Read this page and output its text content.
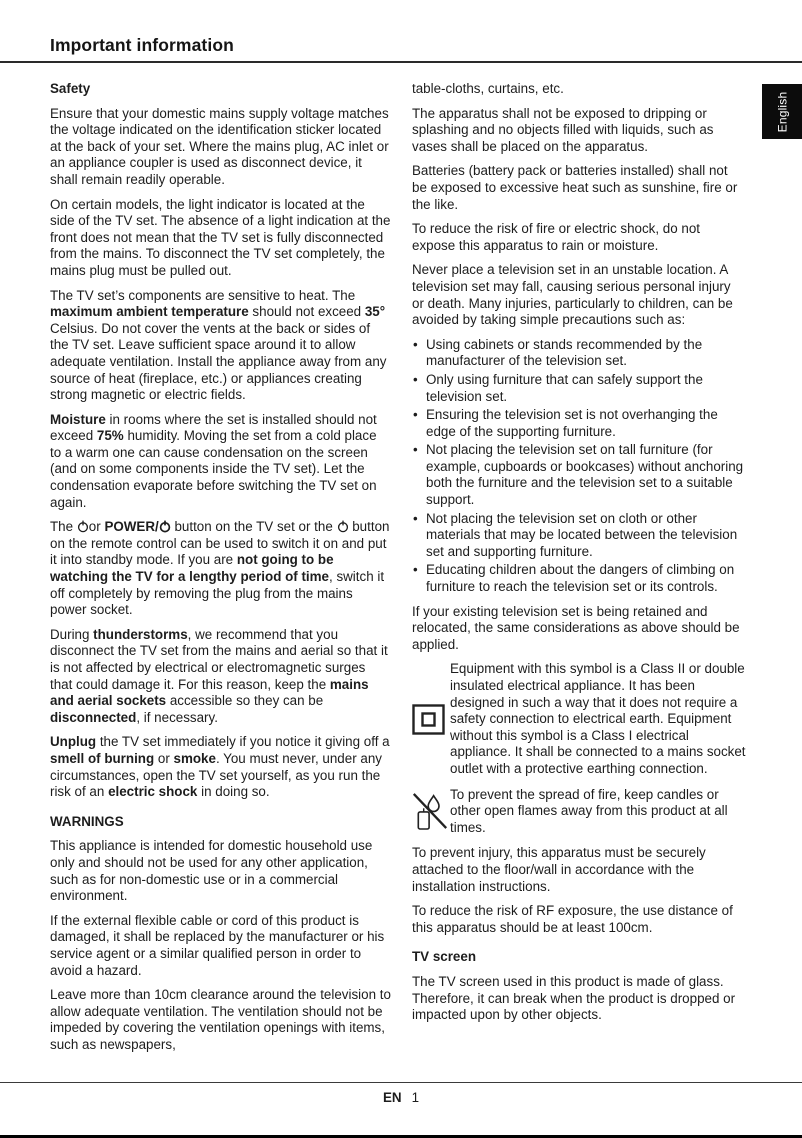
Important information
English
Safety

Ensure that your domestic mains supply voltage matches the voltage indicated on the identification sticker located at the back of your set. Where the mains plug, AC inlet or an appliance coupler is used as disconnect device, it shall remain readily operable.

On certain models, the light indicator is located at the side of the TV set. The absence of a light indication at the front does not mean that the TV set is fully disconnected from the mains. To disconnect the TV set completely, the mains plug must be pulled out.

The TV set’s components are sensitive to heat. The maximum ambient temperature should not exceed 35° Celsius. Do not cover the vents at the back or sides of the TV set. Leave sufficient space around it to allow adequate ventilation. Install the appliance away from any source of heat (fireplace, etc.) or appliances creating strong magnetic or electric fields.

Moisture in rooms where the set is installed should not exceed 75% humidity. Moving the set from a cold place to a warm one can cause condensation on the screen (and on some components inside the TV set). Let the condensation evaporate before switching the TV set on again.

The or POWER/ button on the TV set or the  button on the remote control can be used to switch it on and put it into standby mode. If you are not going to be watching the TV for a lengthy period of time, switch it off completely by removing the plug from the mains power socket.

During thunderstorms, we recommend that you disconnect the TV set from the mains and aerial so that it is not affected by electrical or electromagnetic surges that could damage it. For this reason, keep the mains and aerial sockets accessible so they can be disconnected, if necessary.

Unplug the TV set immediately if you notice it giving off a smell of burning or smoke. You must never, under any circumstances, open the TV set yourself, as you run the risk of an electric shock in doing so.

WARNINGS

This appliance is intended for domestic household use only and should not be used for any other application, such as for non-domestic use or in a commercial environment.

If the external flexible cable or cord of this product is damaged, it shall be replaced by the manufacturer or his service agent or a similar qualified person in order to avoid a hazard.

Leave more than 10cm clearance around the television to allow adequate ventilation. The ventilation should not be impeded by covering the ventilation openings with items, such as newspapers,

table-cloths, curtains, etc.

The apparatus shall not be exposed to dripping or splashing and no objects filled with liquids, such as vases shall be placed on the apparatus.

Batteries (battery pack or batteries installed) shall not be exposed to excessive heat such as sunshine, fire or the like.

To reduce the risk of fire or electric shock, do not expose this apparatus to rain or moisture.

Never place a television set in an unstable location. A television set may fall, causing serious personal injury or death. Many injuries, particularly to children, can be avoided by taking simple precautions such as:

• Using cabinets or stands recommended by the manufacturer of the television set.
• Only using furniture that can safely support the television set.
• Ensuring the television set is not overhanging the edge of the supporting furniture.
• Not placing the television set on tall furniture (for example, cupboards or bookcases) without anchoring both the furniture and the television set to a suitable support.
• Not placing the television set on cloth or other materials that may be located between the television set and supporting furniture.
• Educating children about the dangers of climbing on furniture to reach the television set or its controls.

If your existing television set is being retained and relocated, the same considerations as above should be applied.

Equipment with this symbol is a Class II or double insulated electrical appliance. It has been designed in such a way that it does not require a safety connection to electrical earth. Equipment without this symbol is a Class I electrical appliance. It shall be connected to a mains socket outlet with a protective earthing connection.
To prevent the spread of fire, keep candles or other open flames away from this product at all times.

To prevent injury, this apparatus must be securely attached to the floor/wall in accordance with the installation instructions.

To reduce the risk of RF exposure, the use distance of this apparatus should be at least 100cm.

TV screen

The TV screen used in this product is made of glass. Therefore, it can break when the product is dropped or impacted upon by other objects.

EN 1
